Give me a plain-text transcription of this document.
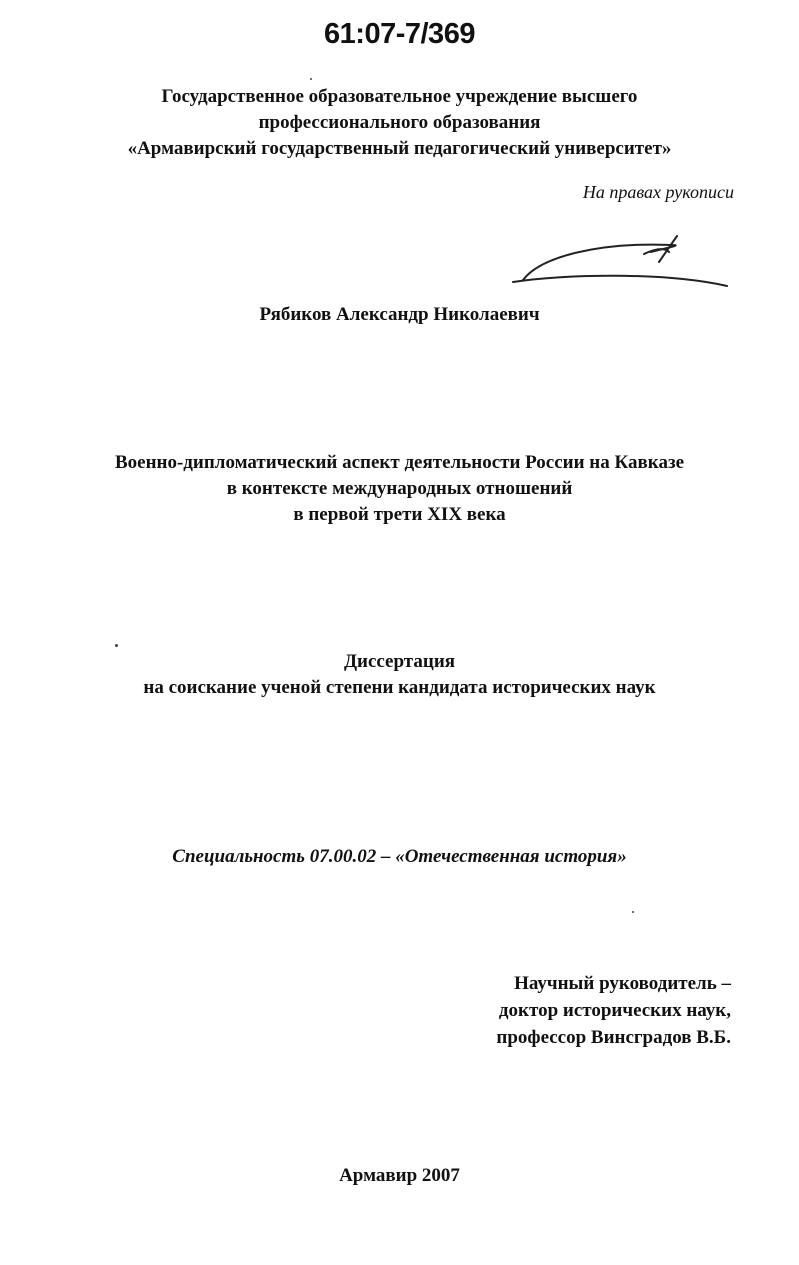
61:07-7/369
Государственное образовательное учреждение высшего
профессионального образования
«Армавирский государственный педагогический университет»
На правах рукописи
Рябиков Александр Николаевич
Военно-дипломатический аспект деятельности России на Кавказе
в контексте международных отношений
в первой трети XIX века
Диссертация
на соискание ученой степени кандидата исторических наук
Специальность 07.00.02 – «Отечественная история»
Научный руководитель –
доктор исторических наук,
профессор Винсградов В.Б.
Армавир 2007
